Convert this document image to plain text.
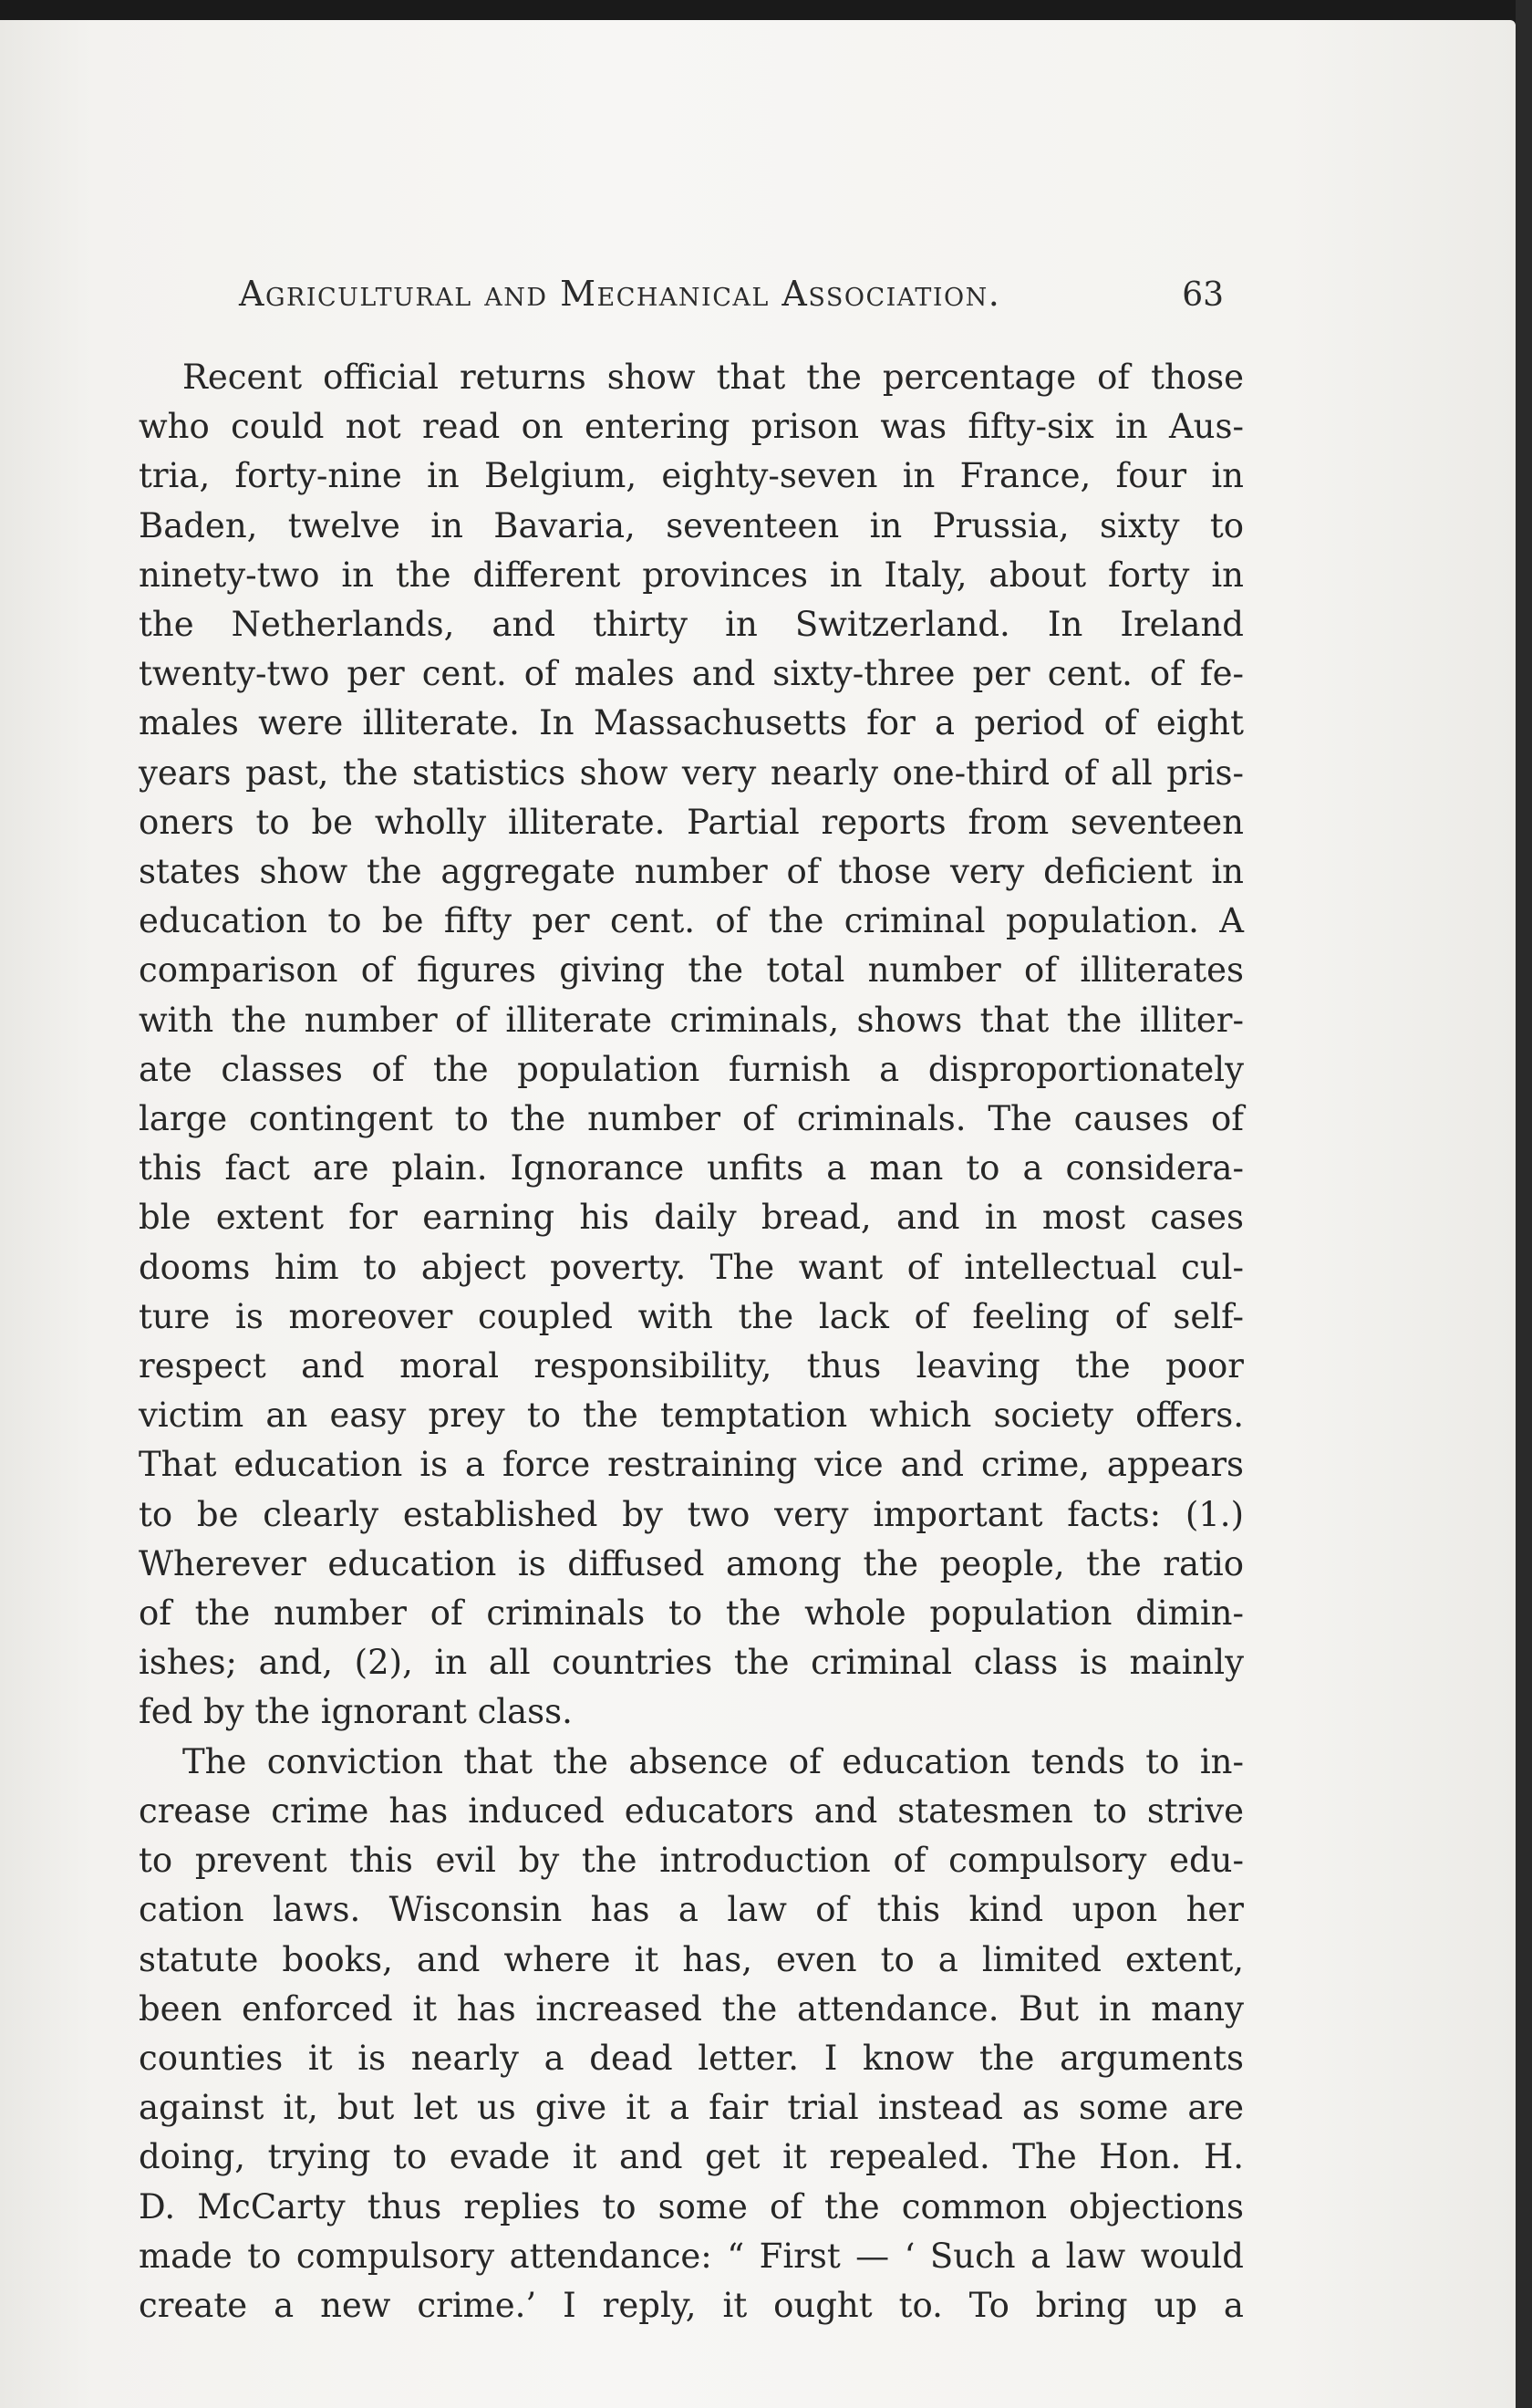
Agricultural and Mechanical Association.	63
Recent official returns show that the percentage of those
who could not read on entering prison was fifty-six in Aus-
tria, forty-nine in Belgium, eighty-seven in France, four in
Baden, twelve in Bavaria, seventeen in Prussia, sixty to
ninety-two in the different provinces in Italy, about forty in
the Netherlands, and thirty in Switzerland. In Ireland
twenty-two per cent. of males and sixty-three per cent. of fe-
males were illiterate. In Massachusetts for a period of eight
years past, the statistics show very nearly one-third of all pris-
oners to be wholly illiterate. Partial reports from seventeen
states show the aggregate number of those very deficient in
education to be fifty per cent. of the criminal population. A
comparison of figures giving the total number of illiterates
with the number of illiterate criminals, shows that the illiter-
ate classes of the population furnish a disproportionately
large contingent to the number of criminals. The causes of
this fact are plain. Ignorance unfits a man to a considera-
ble extent for earning his daily bread, and in most cases
dooms him to abject poverty. The want of intellectual cul-
ture is moreover coupled with the lack of feeling of self-
respect and moral responsibility, thus leaving the poor
victim an easy prey to the temptation which society offers.
That education is a force restraining vice and crime, appears
to be clearly established by two very important facts: (1.)
Wherever education is diffused among the people, the ratio
of the number of criminals to the whole population dimin-
ishes; and, (2), in all countries the criminal class is mainly
fed by the ignorant class.
The conviction that the absence of education tends to in-
crease crime has induced educators and statesmen to strive
to prevent this evil by the introduction of compulsory edu-
cation laws. Wisconsin has a law of this kind upon her
statute books, and where it has, even to a limited extent,
been enforced it has increased the attendance. But in many
counties it is nearly a dead letter. I know the arguments
against it, but let us give it a fair trial instead as some are
doing, trying to evade it and get it repealed. The Hon. H.
D. McCarty thus replies to some of the common objections
made to compulsory attendance: “ First — ‘ Such a law would
create a new crime.’ I reply, it ought to. To bring up a
